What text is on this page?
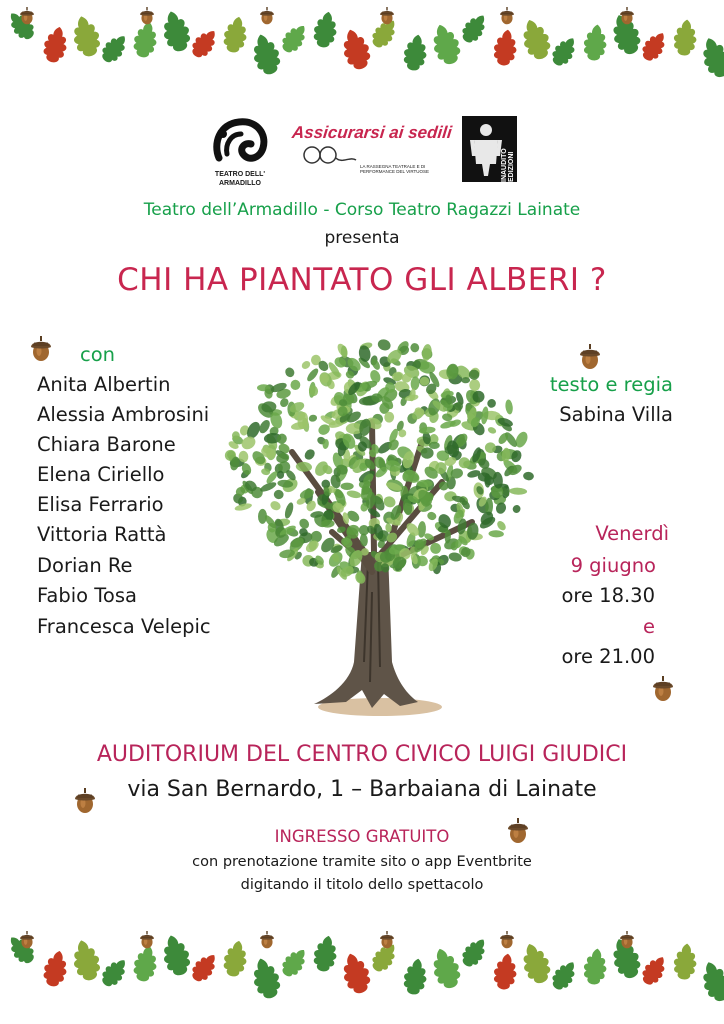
TEATRO DELL' ARMADILLO
Assicurarsi ai sedili
LA RASSEGNA TEATRALE E DI PERFORMANCE DEL VIRTUOSE	INAUDITO EDIZIONI
Teatro dell’Armadillo - Corso Teatro Ragazzi Lainate
presenta
CHI HA PIANTATO GLI ALBERI ?
con
Anita Albertin
Alessia Ambrosini
Chiara Barone
Elena Ciriello
Elisa Ferrario
Vittoria Rattà
Dorian Re
Fabio Tosa
Francesca Velepic
testo e regia
Sabina Villa
Venerdì
9 giugno
ore 18.30
e
ore 21.00
AUDITORIUM DEL CENTRO CIVICO LUIGI GIUDICI
via San Bernardo, 1 – Barbaiana di Lainate
INGRESSO GRATUITO
con prenotazione tramite sito o app Eventbrite
digitando il titolo dello spettacolo
